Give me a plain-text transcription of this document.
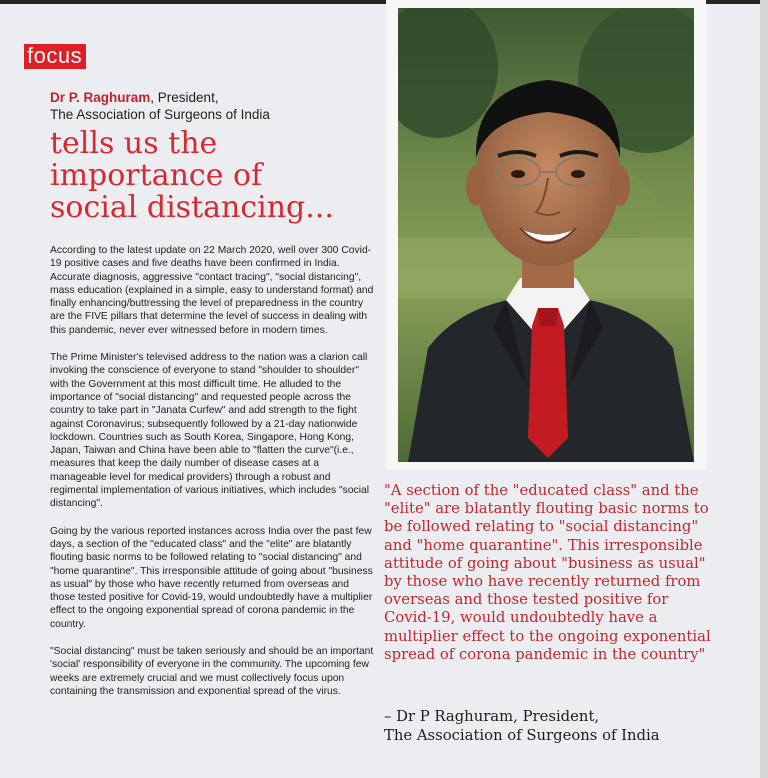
focus
Dr P. Raghuram, President,
The Association of Surgeons of India
tells us the
importance of
social distancing...

According to the latest update on 22 March 2020, well over 300 Covid-19 positive cases and five deaths have been confirmed in India. Accurate diagnosis, aggressive "contact tracing", "social distancing", mass education (explained in a simple, easy to understand format) and finally enhancing/buttressing the level of preparedness in the country are the FIVE pillars that determine the level of success in dealing with this pandemic, never ever witnessed before in modern times.

The Prime Minister's televised address to the nation was a clarion call invoking the conscience of everyone to stand "shoulder to shoulder" with the Government at this most difficult time. He alluded to the importance of "social distancing" and requested people across the country to take part in "Janata Curfew" and add strength to the fight against Coronavirus; subsequently followed by a 21-day nationwide lockdown. Countries such as South Korea, Singapore, Hong Kong, Japan, Taiwan and China have been able to "flatten the curve"(i.e., measures that keep the daily number of disease cases at a manageable level for medical providers) through a robust and regimental implementation of various initiatives, which includes "social distancing".

Going by the various reported instances across India over the past few days, a section of the "educated class" and the "elite" are blatantly flouting basic norms to be followed relating to "social distancing" and "home quarantine". This irresponsible attitude of going about "business as usual" by those who have recently returned from overseas and those tested positive for Covid-19, would undoubtedly have a multiplier effect to the ongoing exponential spread of corona pandemic in the country.

"Social distancing" must be taken seriously and should be an important 'social' responsibility of everyone in the community. The upcoming few weeks are extremely crucial and we must collectively focus upon containing the transmission and exponential spread of the virus.

"A section of the "educated class" and the "elite" are blatantly flouting basic norms to be followed relating to "social distancing" and "home quarantine". This irresponsible attitude of going about "business as usual" by those who have recently returned from overseas and those tested positive for Covid-19, would undoubtedly have a multiplier effect to the ongoing exponential spread of corona pandemic in the country"
– Dr P Raghuram, President,
The Association of Surgeons of India
